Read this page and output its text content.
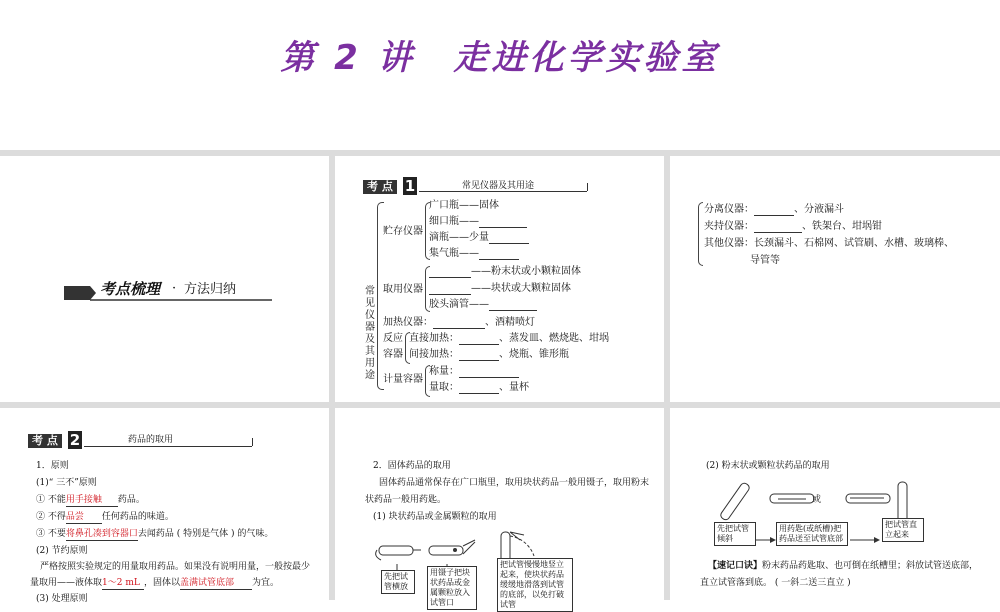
第 2 讲　走进化学实验室
考点梳理 · 方法归纳
考 点 1	常见仪器及其用途
常见仪器及其用途
贮存仪器
广口瓶——固体
细口瓶——
滴瓶——少量
集气瓶——
取用仪器
——粉末状或小颗粒固体
——块状或大颗粒固体
胶头滴管——
加热仪器：	、酒精喷灯
反应
容器
直接加热：	、蒸发皿、燃烧匙、坩埚
间接加热：	、烧瓶、锥形瓶
计量容器
称量：
量取：	、量杯
分离仪器：	、分液漏斗
夹持仪器：	、铁架台、坩埚钳
其他仪器：长颈漏斗、石棉网、试管刷、水槽、玻璃棒、
导管等
考 点 2	药品的取用
1．原则
(1)“ 三不”原则
① 不能用手接触 药品。
② 不得品尝 任何药品的味道。
③ 不要将鼻孔凑到容器口去闻药品 ( 特别是气体 ) 的气味。
(2) 节约原则
严格按照实验规定的用量取用药品。如果没有说明用量，一般按最少
量取用——液体取1～2 mL ，固体以盖满试管底部 为宜。
(3) 处理原则
2．固体药品的取用
固体药品通常保存在广口瓶里，取用块状药品一般用镊子，取用粉末
状药品一般用药匙。
(1) 块状药品或金属颗粒的取用
先把试管横放
用镊子把块状药品或金属颗粒放入试管口
把试管慢慢地竖立起来，使块状药品缓缓地滑落到试管的底部，以免打破试管
(2) 粉末状或颗粒状药品的取用
或
先把试管倾斜
用药匙(或纸槽)把药品送至试管底部
把试管直立起来
【速记口诀】粉末药品药匙取、也可倒在纸槽里；斜放试管送底部，
直立试管落到底。 ( 一斜二送三直立 )
